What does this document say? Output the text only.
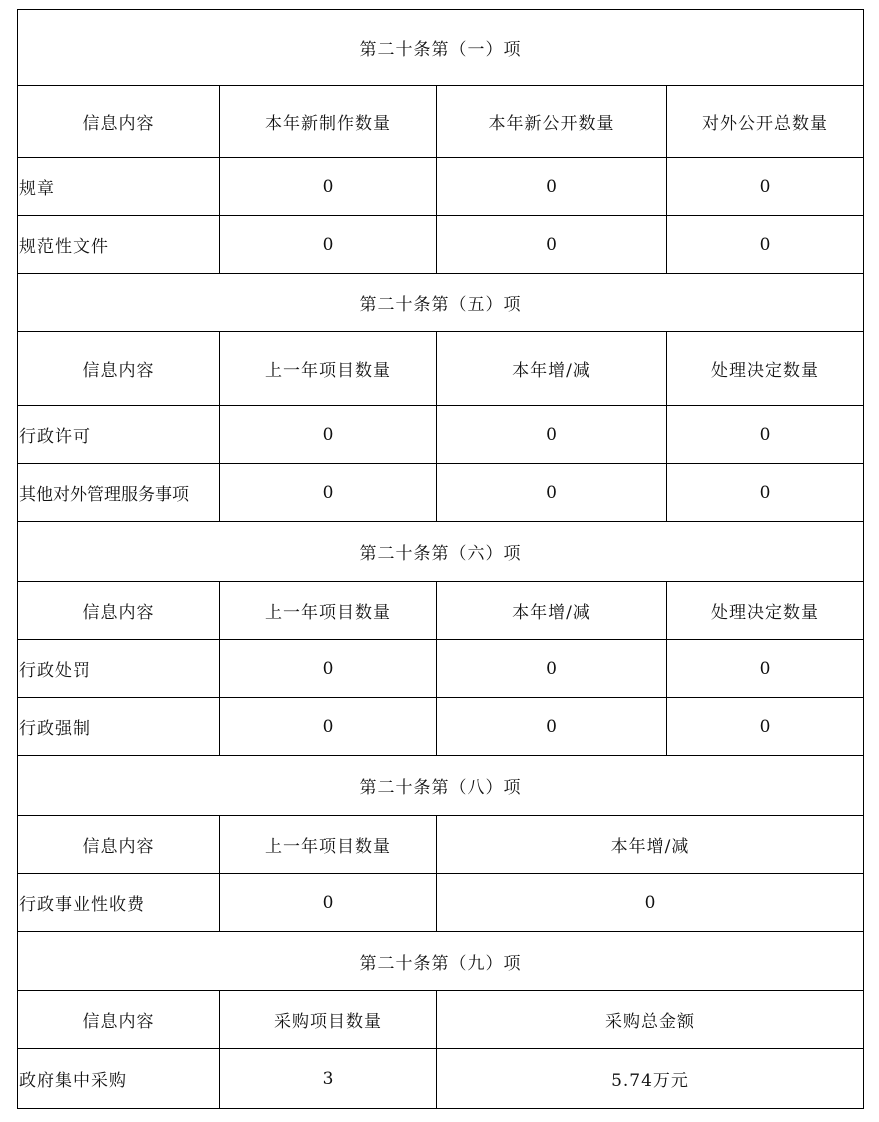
第二十条第（一）项			
信息内容	本年新制作数量	本年新公开数量	对外公开总数量
规章	0	0	0
规范性文件	0	0	0
第二十条第（五）项			
信息内容	上一年项目数量	本年增/减	处理决定数量
行政许可	0	0	0
其他对外管理服务事项	0	0	0
第二十条第（六）项			
信息内容	上一年项目数量	本年增/减	处理决定数量
行政处罚	0	0	0
行政强制	0	0	0
第二十条第（八）项			
信息内容	上一年项目数量	本年增/减	
行政事业性收费	0	0	
第二十条第（九）项			
信息内容	采购项目数量	采购总金额	
政府集中采购	3	5.74万元	
